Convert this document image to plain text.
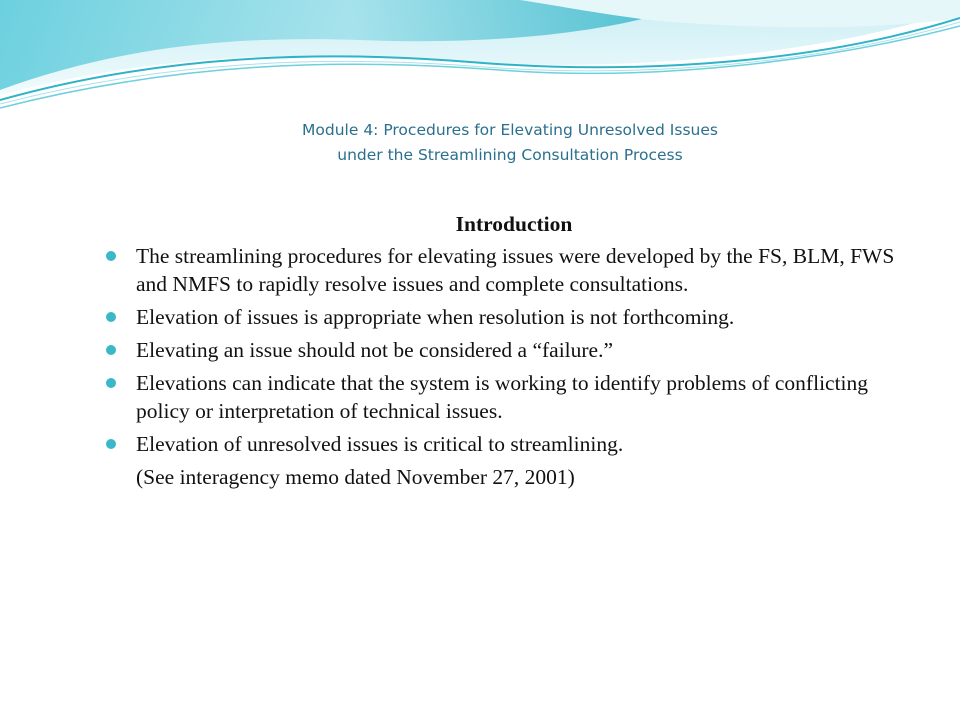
Module 4: Procedures for Elevating Unresolved Issues
under the Streamlining Consultation Process
Introduction
The streamlining procedures for elevating issues were developed by the FS, BLM, FWS and NMFS to rapidly resolve issues and complete consultations.
Elevation of issues is appropriate when resolution is not forthcoming.
Elevating an issue should not be considered a “failure.”
Elevations can indicate that the system is working to identify problems of conflicting policy or interpretation of technical issues.
Elevation of unresolved issues is critical to streamlining.
(See interagency memo dated November 27, 2001)
